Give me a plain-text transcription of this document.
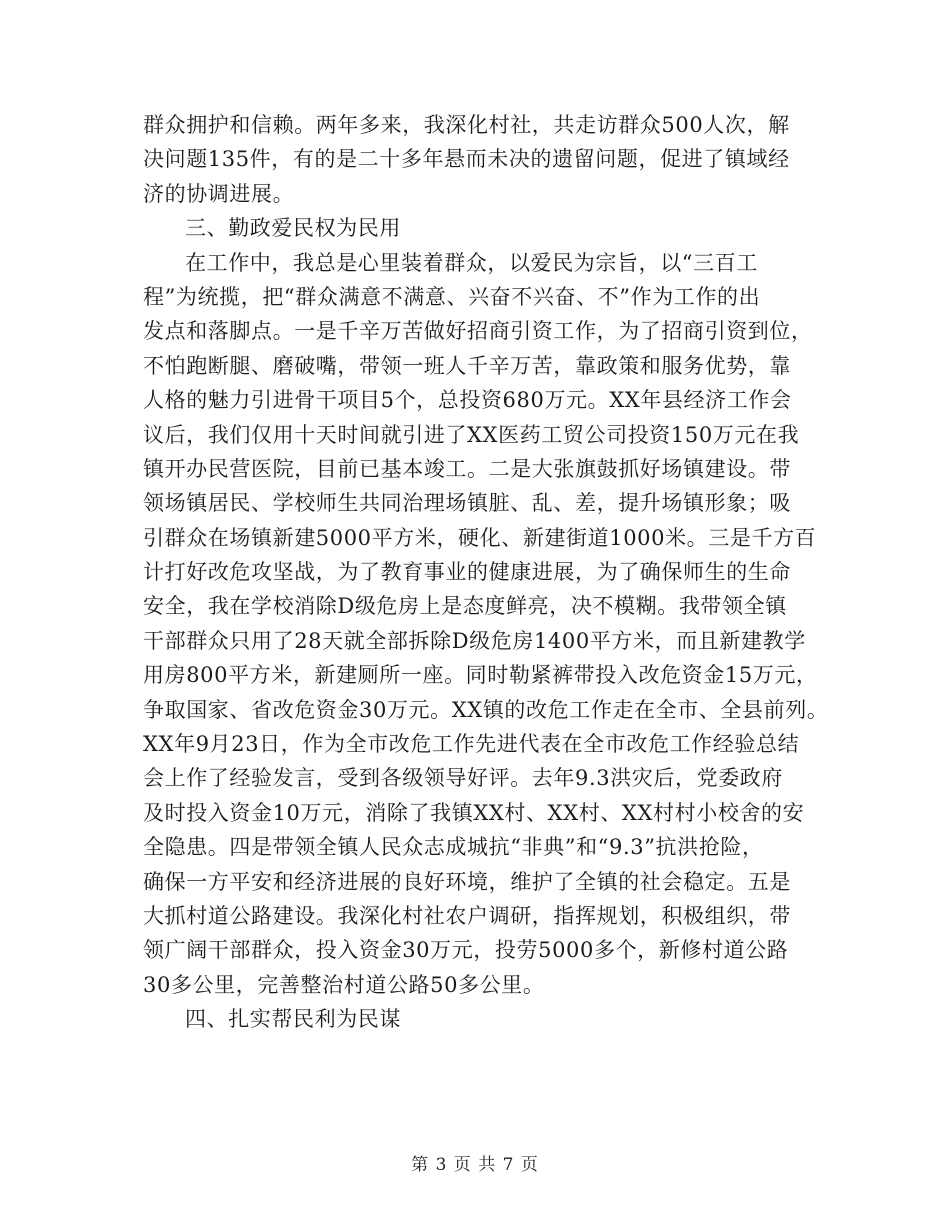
群众拥护和信赖。两年多来，我深化村社，共走访群众500人次，解
决问题135件，有的是二十多年悬而未决的遗留问题，促进了镇域经
济的协调进展。
三、勤政爱民权为民用
在工作中，我总是心里装着群众，以爱民为宗旨，以“三百工
程”为统揽，把“群众满意不满意、兴奋不兴奋、不”作为工作的出
发点和落脚点。一是千辛万苦做好招商引资工作，为了招商引资到位，
不怕跑断腿、磨破嘴，带领一班人千辛万苦，靠政策和服务优势，靠
人格的魅力引进骨干项目5个，总投资680万元。XX年县经济工作会
议后，我们仅用十天时间就引进了XX医药工贸公司投资150万元在我
镇开办民营医院，目前已基本竣工。二是大张旗鼓抓好场镇建设。带
领场镇居民、学校师生共同治理场镇脏、乱、差，提升场镇形象；吸
引群众在场镇新建5000平方米，硬化、新建街道1000米。三是千方百
计打好改危攻坚战，为了教育事业的健康进展，为了确保师生的生命
安全，我在学校消除D级危房上是态度鲜亮，决不模糊。我带领全镇
干部群众只用了28天就全部拆除D级危房1400平方米，而且新建教学
用房800平方米，新建厕所一座。同时勒紧裤带投入改危资金15万元，
争取国家、省改危资金30万元。XX镇的改危工作走在全市、全县前列。
XX年9月23日，作为全市改危工作先进代表在全市改危工作经验总结
会上作了经验发言，受到各级领导好评。去年9.3洪灾后，党委政府
及时投入资金10万元，消除了我镇XX村、XX村、XX村村小校舍的安
全隐患。四是带领全镇人民众志成城抗“非典”和“9.3”抗洪抢险，
确保一方平安和经济进展的良好环境，维护了全镇的社会稳定。五是
大抓村道公路建设。我深化村社农户调研，指挥规划，积极组织，带
领广阔干部群众，投入资金30万元，投劳5000多个，新修村道公路
30多公里，完善整治村道公路50多公里。
四、扎实帮民利为民谋
第 3 页 共 7 页
